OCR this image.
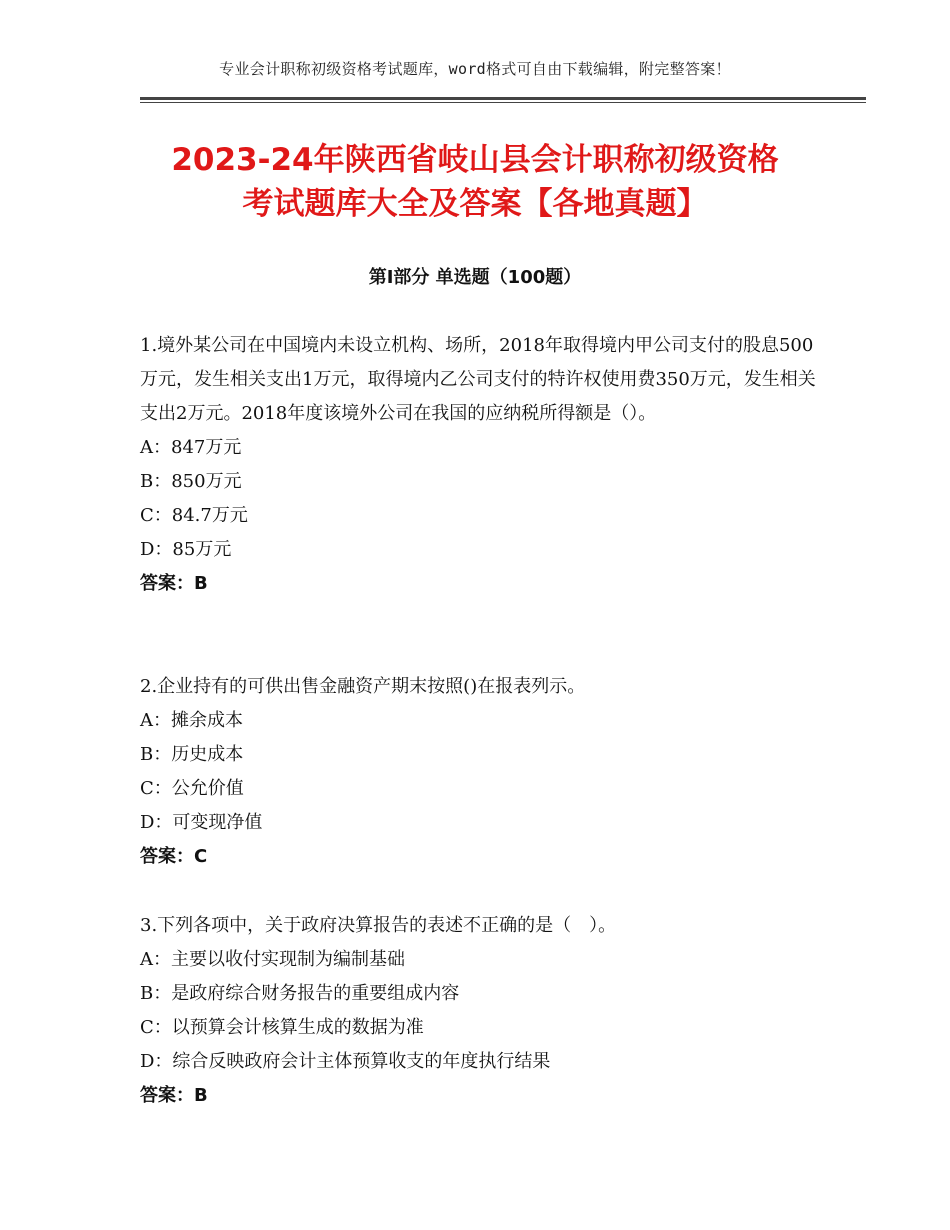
专业会计职称初级资格考试题库，word格式可自由下载编辑，附完整答案！
2023-24年陕西省岐山县会计职称初级资格
考试题库大全及答案【各地真题】
第Ⅰ部分 单选题（100题）

1.境外某公司在中国境内未设立机构、场所，2018年取得境内甲公司支付的股息500万元，发生相关支出1万元，取得境内乙公司支付的特许权使用费350万元，发生相关支出2万元。2018年度该境外公司在我国的应纳税所得额是（）。

A：847万元

B：850万元

C：84.7万元

D：85万元

答案：B

2.企业持有的可供出售金融资产期末按照()在报表列示。

A：摊余成本

B：历史成本

C：公允价值

D：可变现净值

答案：C

3.下列各项中，关于政府决算报告的表述不正确的是（　）。

A：主要以收付实现制为编制基础

B：是政府综合财务报告的重要组成内容

C：以预算会计核算生成的数据为准

D：综合反映政府会计主体预算收支的年度执行结果

答案：B
